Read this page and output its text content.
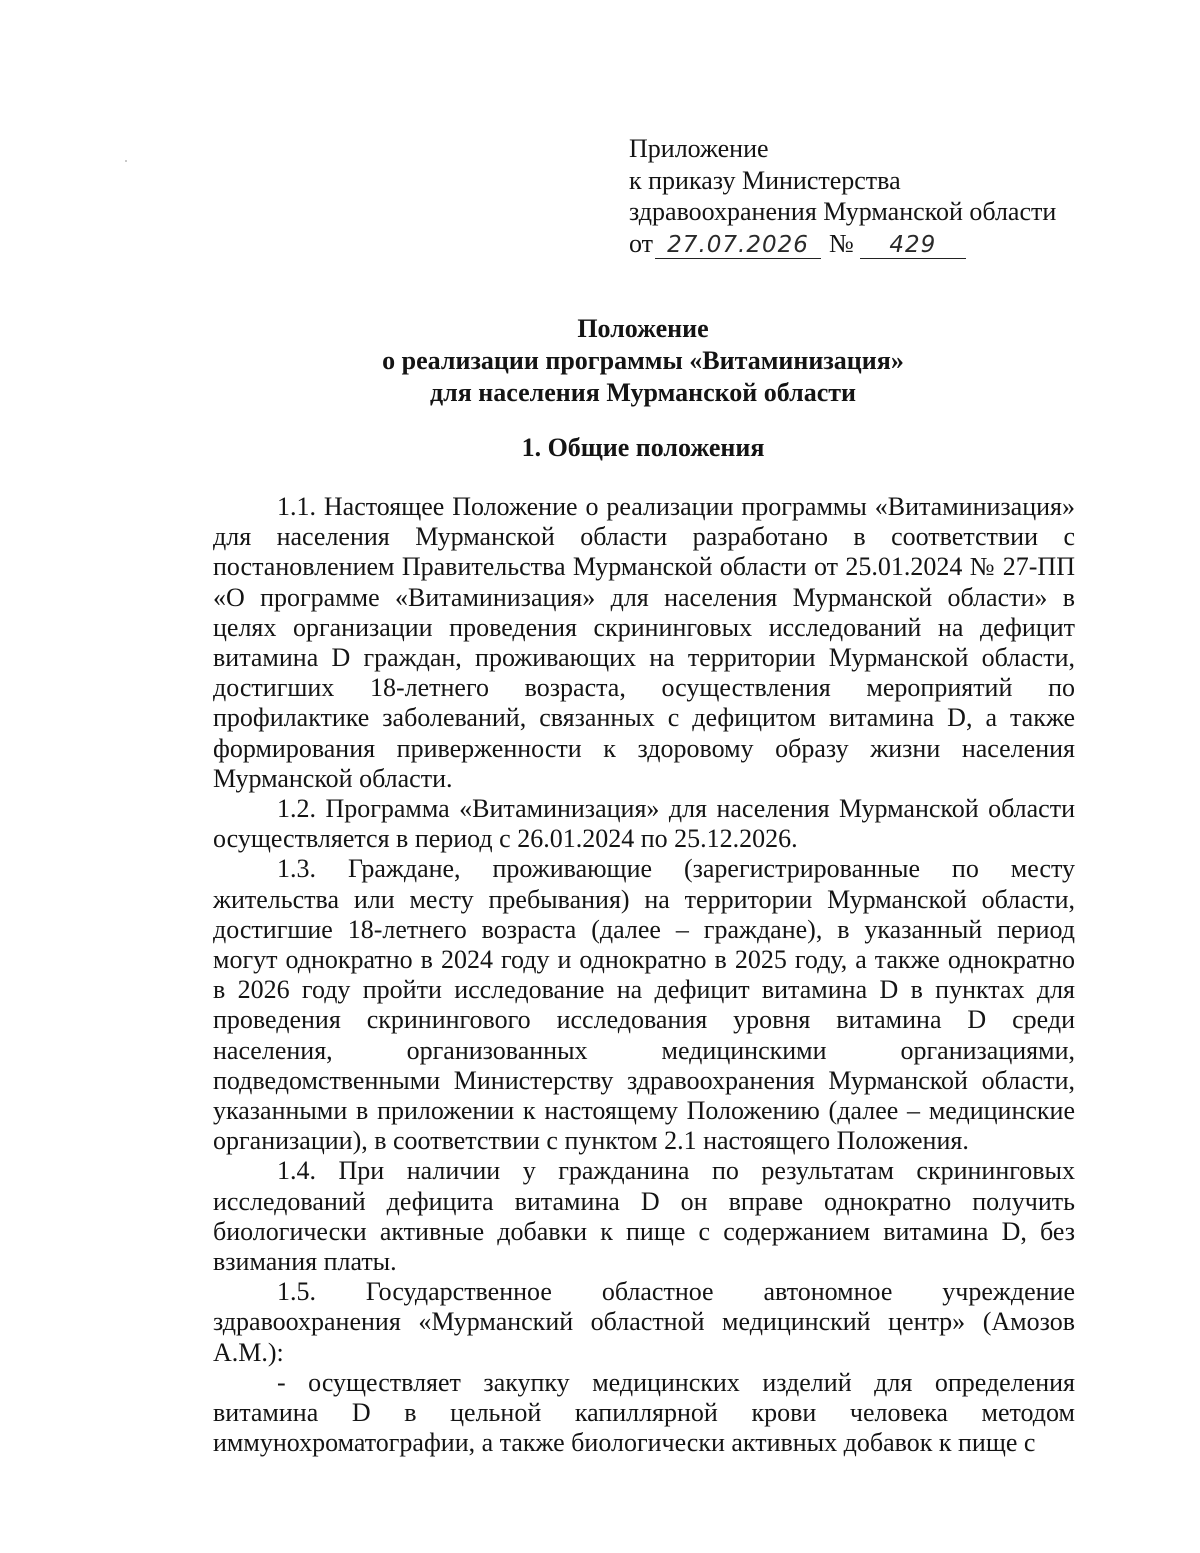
Приложение
к приказу Министерства
здравоохранения Мурманской области
от 27.07.2026 №	429
Положение
о реализации программы «Витаминизация»
для населения Мурманской области
1. Общие положения

1.1. Настоящее Положение о реализации программы «Витаминизация» для населения Мурманской области разработано в соответствии с постановлением Правительства Мурманской области от 25.01.2024 № 27-ПП «О программе «Витаминизация» для населения Мурманской области» в целях организации проведения скрининговых исследований на дефицит витамина D граждан, проживающих на территории Мурманской области, достигших 18-летнего возраста, осуществления мероприятий по профилактике заболеваний, связанных с дефицитом витамина D, а также формирования приверженности к здоровому образу жизни населения Мурманской области.

1.2. Программа «Витаминизация» для населения Мурманской области осуществляется в период с 26.01.2024 по 25.12.2026.

1.3. Граждане, проживающие (зарегистрированные по месту жительства или месту пребывания) на территории Мурманской области, достигшие 18-летнего возраста (далее – граждане), в указанный период могут однократно в 2024 году и однократно в 2025 году, а также однократно в 2026 году пройти исследование на дефицит витамина D в пунктах для проведения скринингового исследования уровня витамина D среди населения, организованных медицинскими организациями, подведомственными Министерству здравоохранения Мурманской области, указанными в приложении к настоящему Положению (далее – медицинские организации), в соответствии с пунктом 2.1 настоящего Положения.

1.4. При наличии у гражданина по результатам скрининговых исследований дефицита витамина D он вправе однократно получить биологически активные добавки к пище с содержанием витамина D, без взимания платы.

1.5. Государственное областное автономное учреждение здравоохранения «Мурманский областной медицинский центр» (Амозов А.М.):

- осуществляет закупку медицинских изделий для определения витамина D в цельной капиллярной крови человека методом иммунохроматографии, а также биологически активных добавок к пище с
